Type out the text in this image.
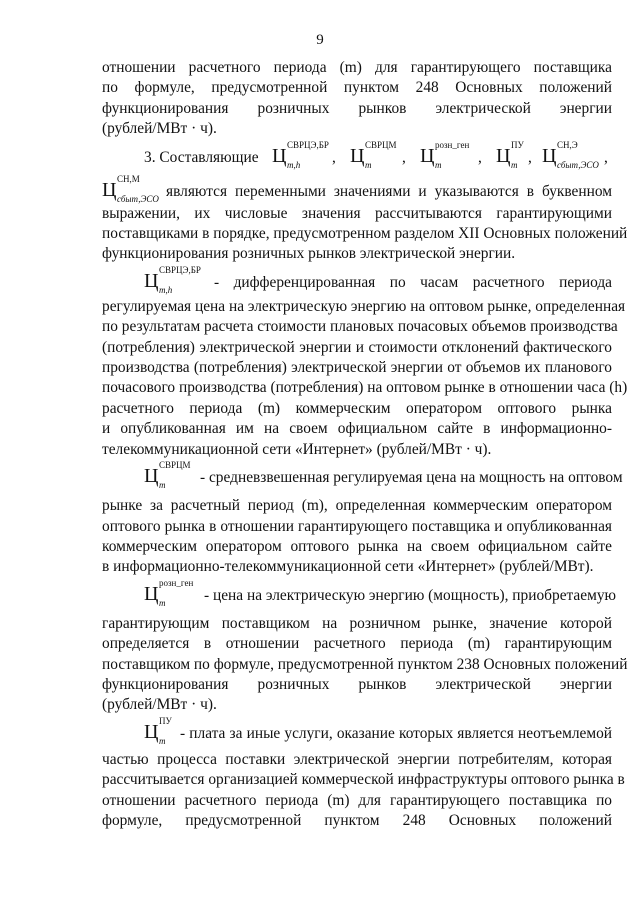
9

отношении расчетного периода (m) для гарантирующего поставщика

по формуле, предусмотренной пунктом 248 Основных положений

функционирования розничных рынков электрической энергии

(рублей/МВт · ч).

3. Составляющие Ц СВРЦЭ,БР
m,h , Ц СВРЦМ
m , Ц розн_ген
m , Ц ПУ
m , Ц СН,Э
сбыт,ЭСО ,
Ц СН,М
сбыт,ЭСО являются переменными значениями и указываются в буквенном

выражении, их числовые значения рассчитываются гарантирующими

поставщиками в порядке, предусмотренном разделом XII Основных положений

функционирования розничных рынков электрической энергии.

Ц СВРЦЭ,БР
m,h	- дифференцированная по часам расчетного периода

регулируемая цена на электрическую энергию на оптовом рынке, определенная

по результатам расчета стоимости плановых почасовых объемов производства

(потребления) электрической энергии и стоимости отклонений фактического

производства (потребления) электрической энергии от объемов их планового

почасового производства (потребления) на оптовом рынке в отношении часа (h)

расчетного периода (m) коммерческим оператором оптового рынка

и опубликованная им на своем официальном сайте в информационно-

телекоммуникационной сети «Интернет» (рублей/МВт · ч).

Ц СВРЦМ
m - средневзвешенная регулируемая цена на мощность на оптовом

рынке за расчетный период (m), определенная коммерческим оператором

оптового рынка в отношении гарантирующего поставщика и опубликованная

коммерческим оператором оптового рынка на своем официальном сайте

в информационно-телекоммуникационной сети «Интернет» (рублей/МВт).

Ц розн_ген
m	- цена на электрическую энергию (мощность), приобретаемую

гарантирующим поставщиком на розничном рынке, значение которой

определяется в отношении расчетного периода (m) гарантирующим

поставщиком по формуле, предусмотренной пунктом 238 Основных положений

функционирования розничных рынков электрической энергии

(рублей/МВт · ч).

Ц ПУ
m - плата за иные услуги, оказание которых является неотъемлемой

частью процесса поставки электрической энергии потребителям, которая

рассчитывается организацией коммерческой инфраструктуры оптового рынка в

отношении расчетного периода (m) для гарантирующего поставщика по

формуле, предусмотренной пунктом 248 Основных положений
